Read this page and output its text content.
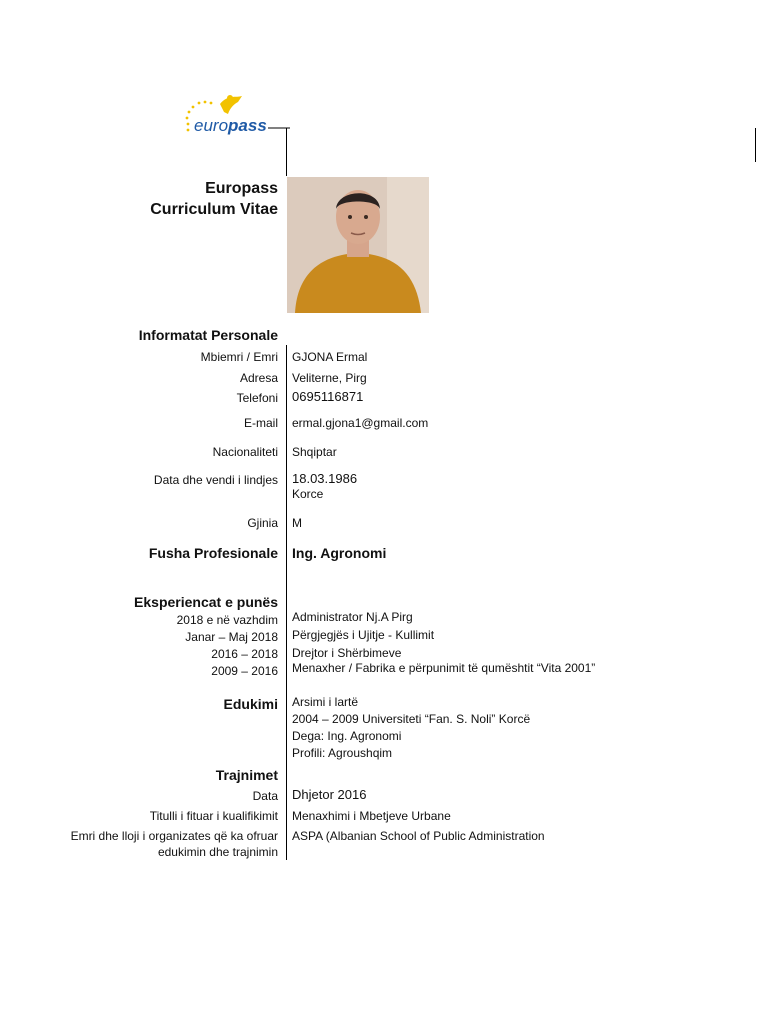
europass
Europass
Curriculum Vitae
Informatat Personale
Mbiemri / Emri GJONA Ermal
Adresa Veliterne, Pirg
Telefoni 0695116871
E-mail ermal.gjona1@gmail.com
Nacionaliteti Shqiptar
Data dhe vendi i lindjes 18.03.1986
Korce
Gjinia M
Fusha Profesionale Ing. Agronomi
Eksperiencat e punës
2018 e në vazhdim Administrator Nj.A Pirg
Janar – Maj 2018 Përgjegjës i Ujitje - Kullimit
2016 – 2018 Drejtor i Shërbimeve
2009 – 2016 Menaxher / Fabrika e përpunimit të qumështit “Vita 2001”
Edukimi Arsimi i lartë
2004 – 2009 Universiteti “Fan. S. Noli” Korcë
Dega: Ing. Agronomi
Profili: Agroushqim
Trajnimet
Data Dhjetor 2016
Titulli i fituar i kualifikimit Menaxhimi i Mbetjeve Urbane
Emri dhe lloji i organizates që ka ofruar
edukimin dhe trajnimin
ASPA (Albanian School of Public Administration
